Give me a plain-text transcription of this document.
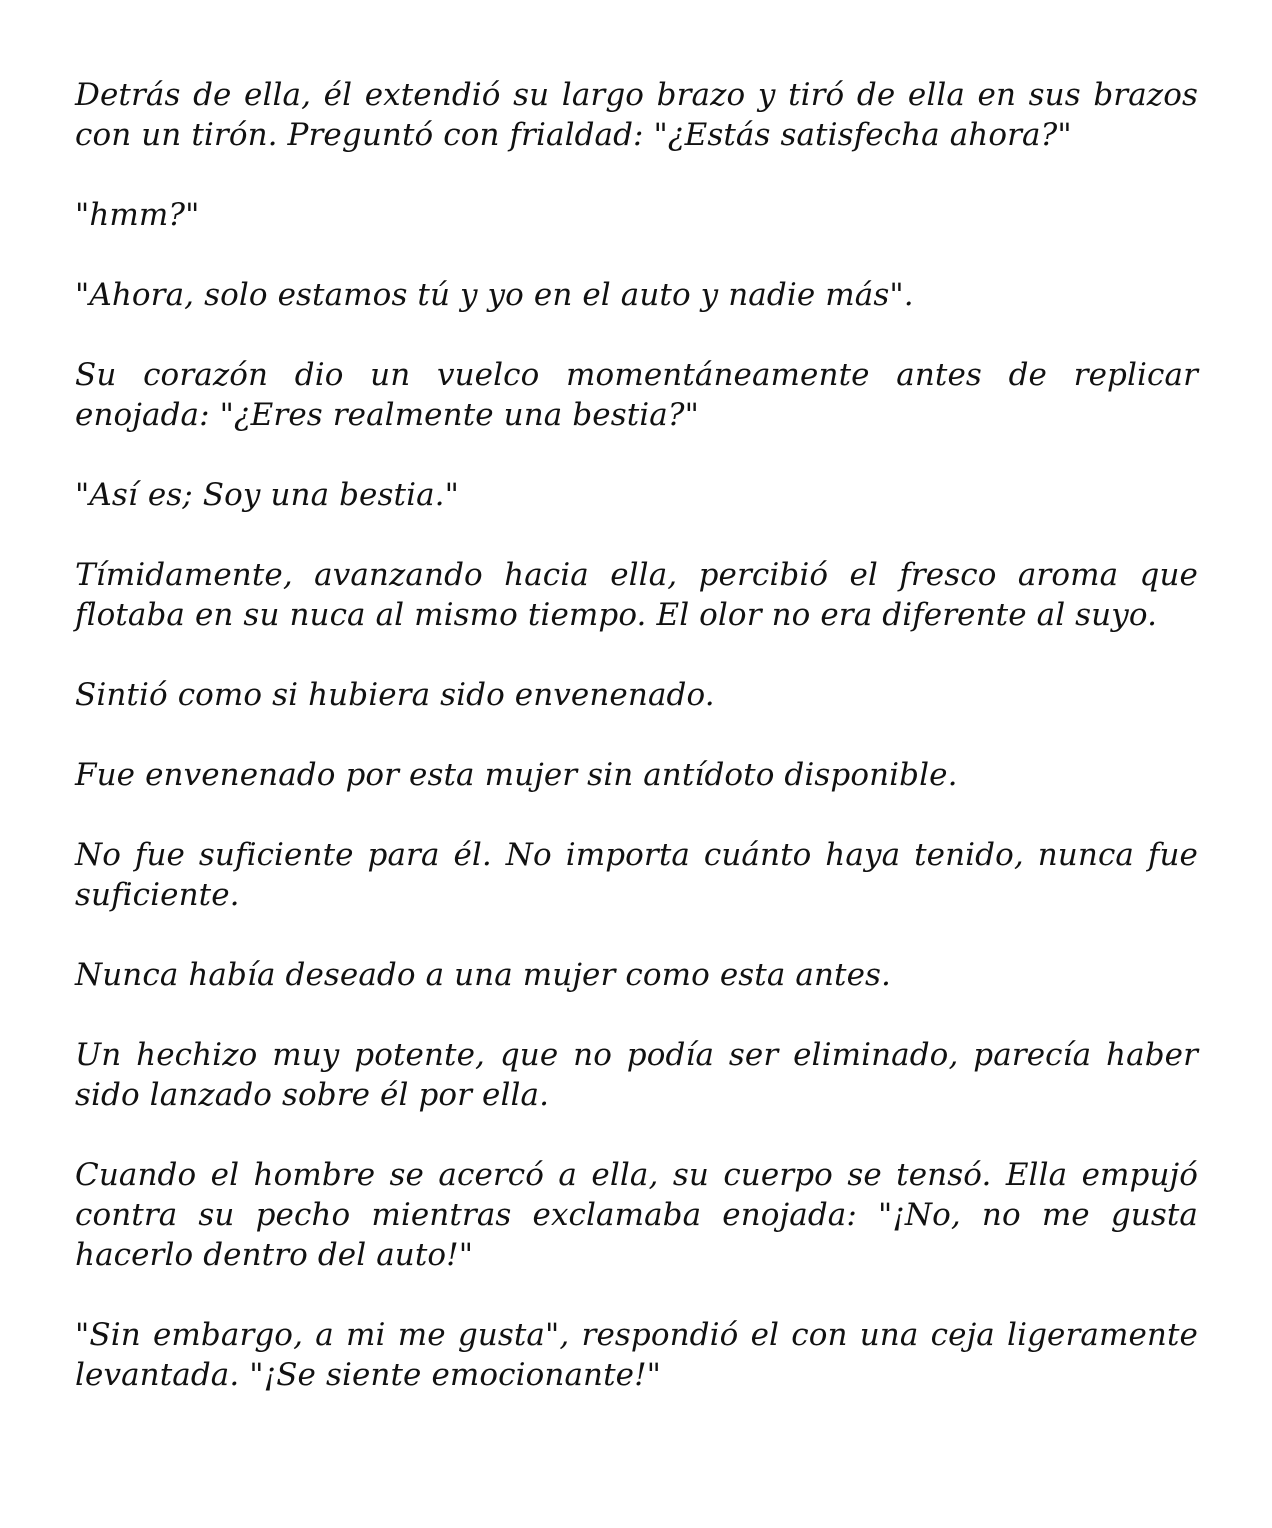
Detrás de ella, él extendió su largo brazo y tiró de ella en sus brazos con un tirón. Preguntó con frialdad: "¿Estás satisfecha ahora?"

"hmm?"

"Ahora, solo estamos tú y yo en el auto y nadie más".

Su corazón dio un vuelco momentáneamente antes de replicar enojada: "¿Eres realmente una bestia?"

"Así es; Soy una bestia."

Tímidamente, avanzando hacia ella, percibió el fresco aroma que flotaba en su nuca al mismo tiempo. El olor no era diferente al suyo.

Sintió como si hubiera sido envenenado.

Fue envenenado por esta mujer sin antídoto disponible.

No fue suficiente para él. No importa cuánto haya tenido, nunca fue suficiente.

Nunca había deseado a una mujer como esta antes.

Un hechizo muy potente, que no podía ser eliminado, parecía haber sido lanzado sobre él por ella.

Cuando el hombre se acercó a ella, su cuerpo se tensó. Ella empujó contra su pecho mientras exclamaba enojada: "¡No, no me gusta hacerlo dentro del auto!"

"Sin embargo, a mi me gusta", respondió el con una ceja ligeramente levantada. "¡Se siente emocionante!"
